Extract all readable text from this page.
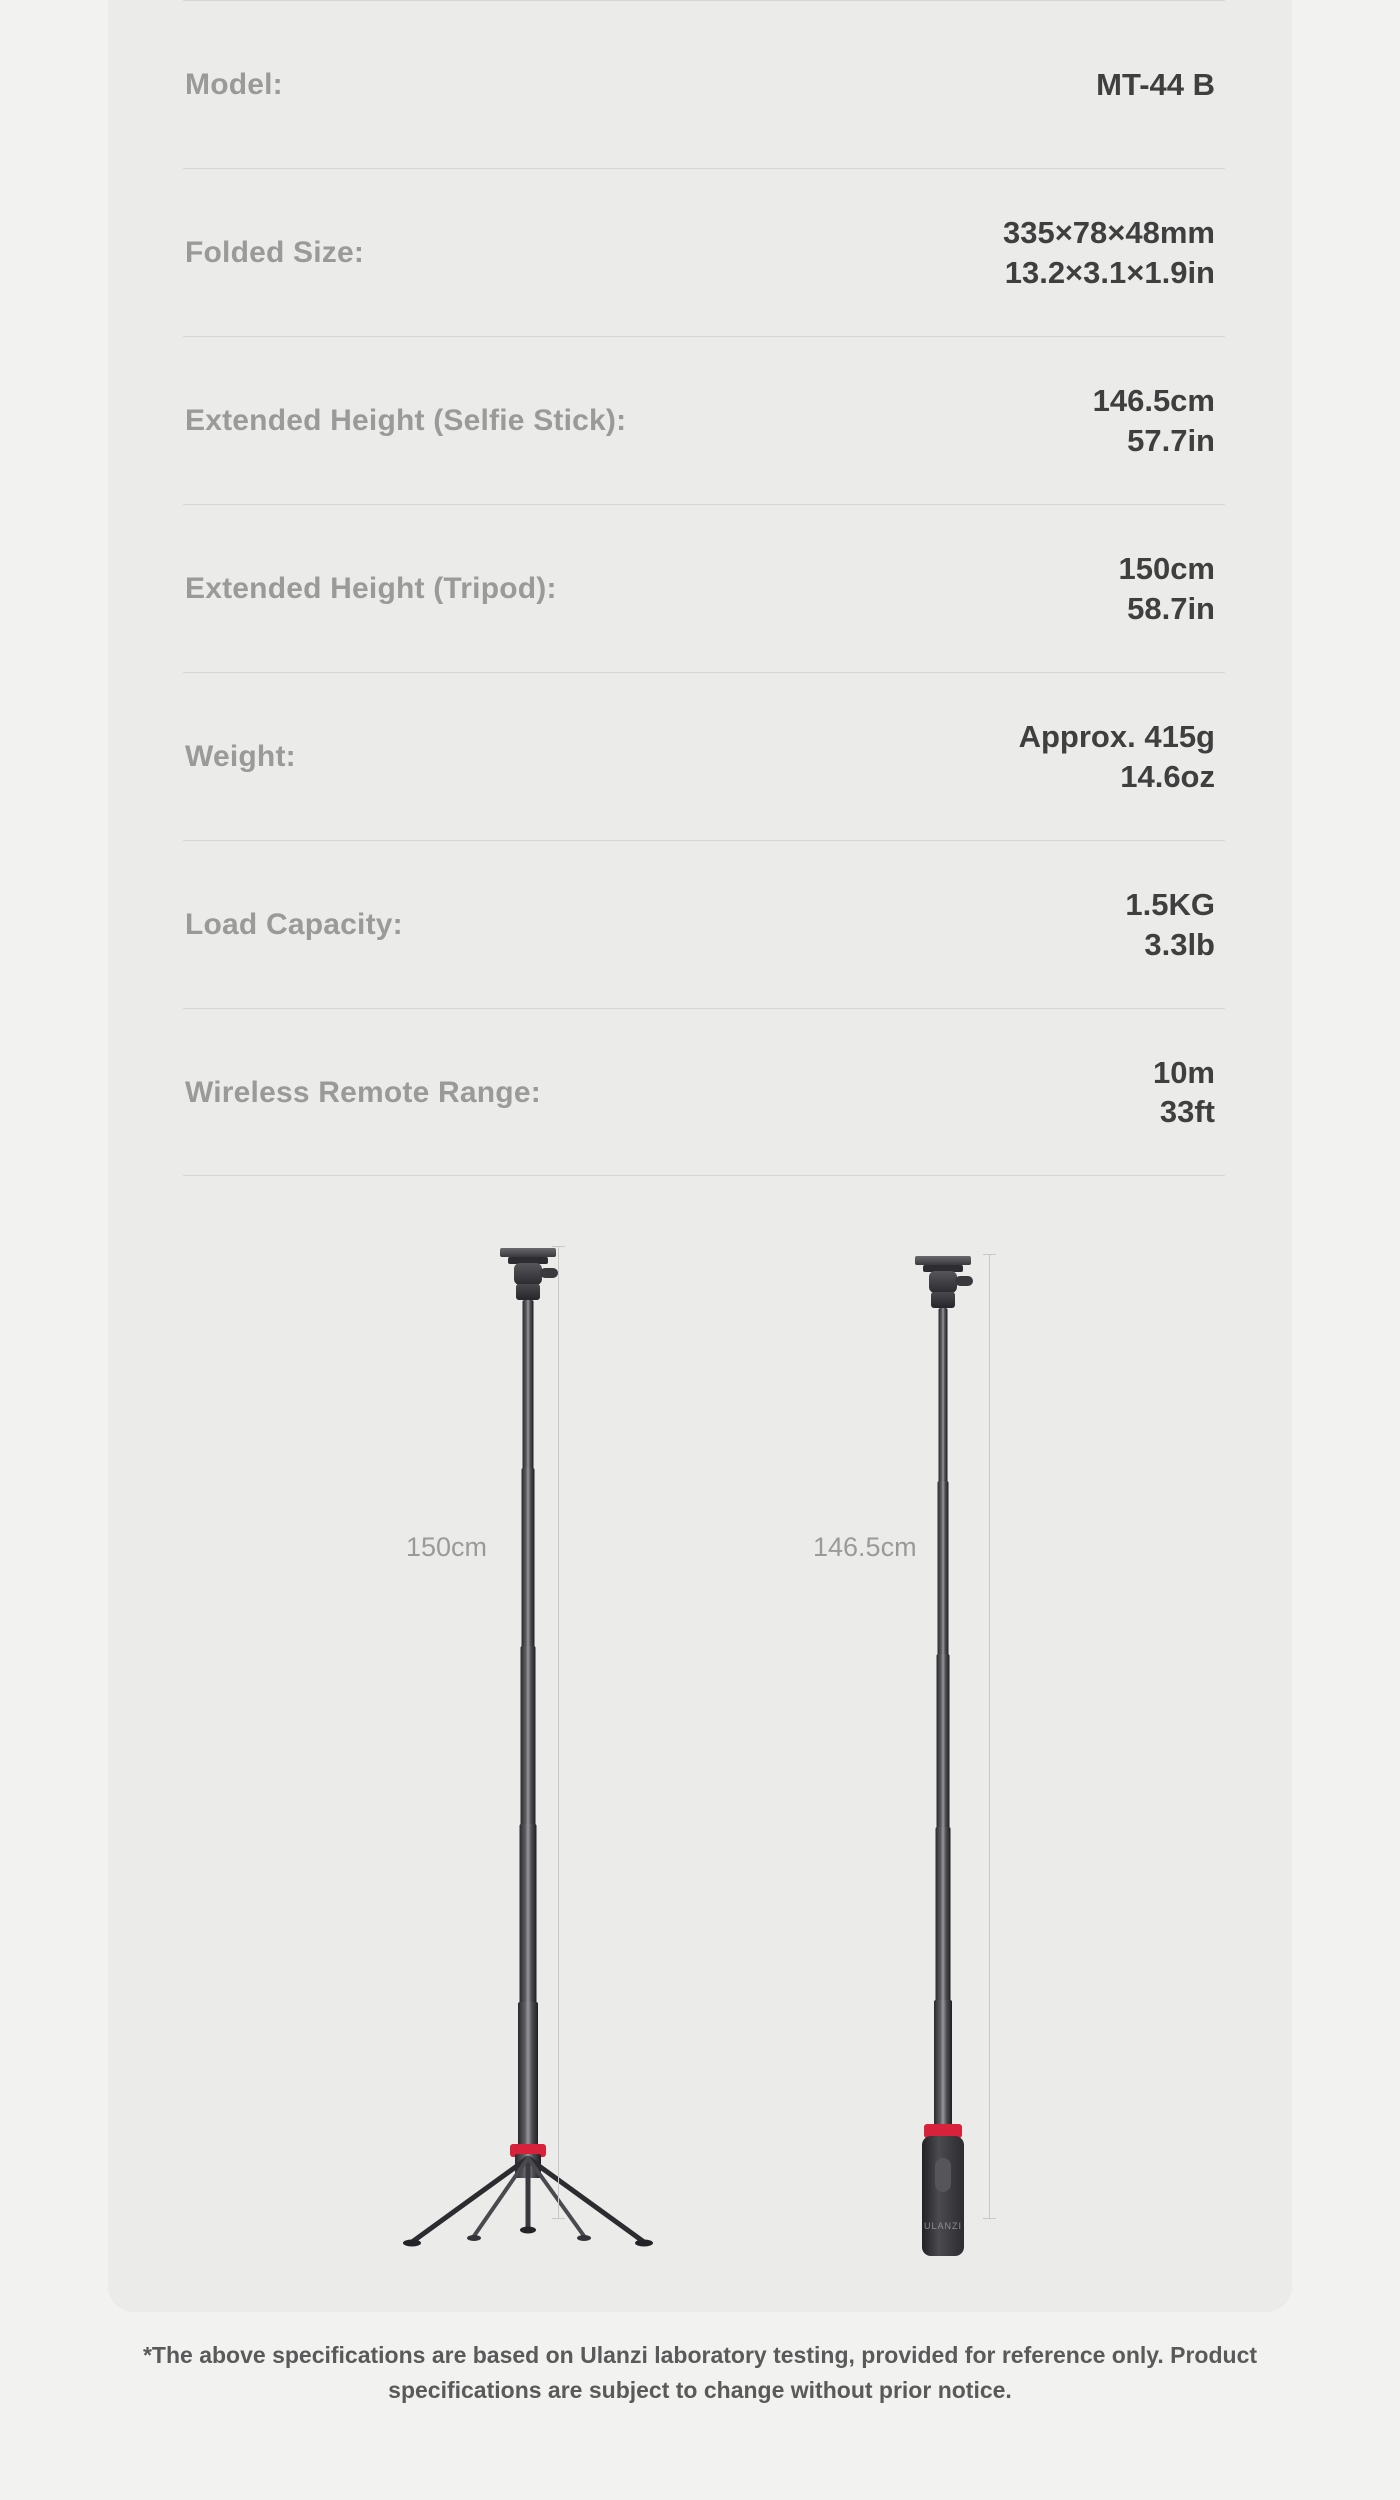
Model:	MT-44 B
Folded Size:
335×78×48mm
13.2×3.1×1.9in
Extended Height (Selfie Stick):
146.5cm
57.7in
Extended Height (Tripod):
150cm
58.7in
Weight:
Approx. 415g
14.6oz
Load Capacity:
1.5KG
3.3lb
Wireless Remote Range:
10m
33ft
150cm
ULANZI
146.5cm
*The above specifications are based on Ulanzi laboratory testing, provided for reference only. Product specifications are subject to change without prior notice.
